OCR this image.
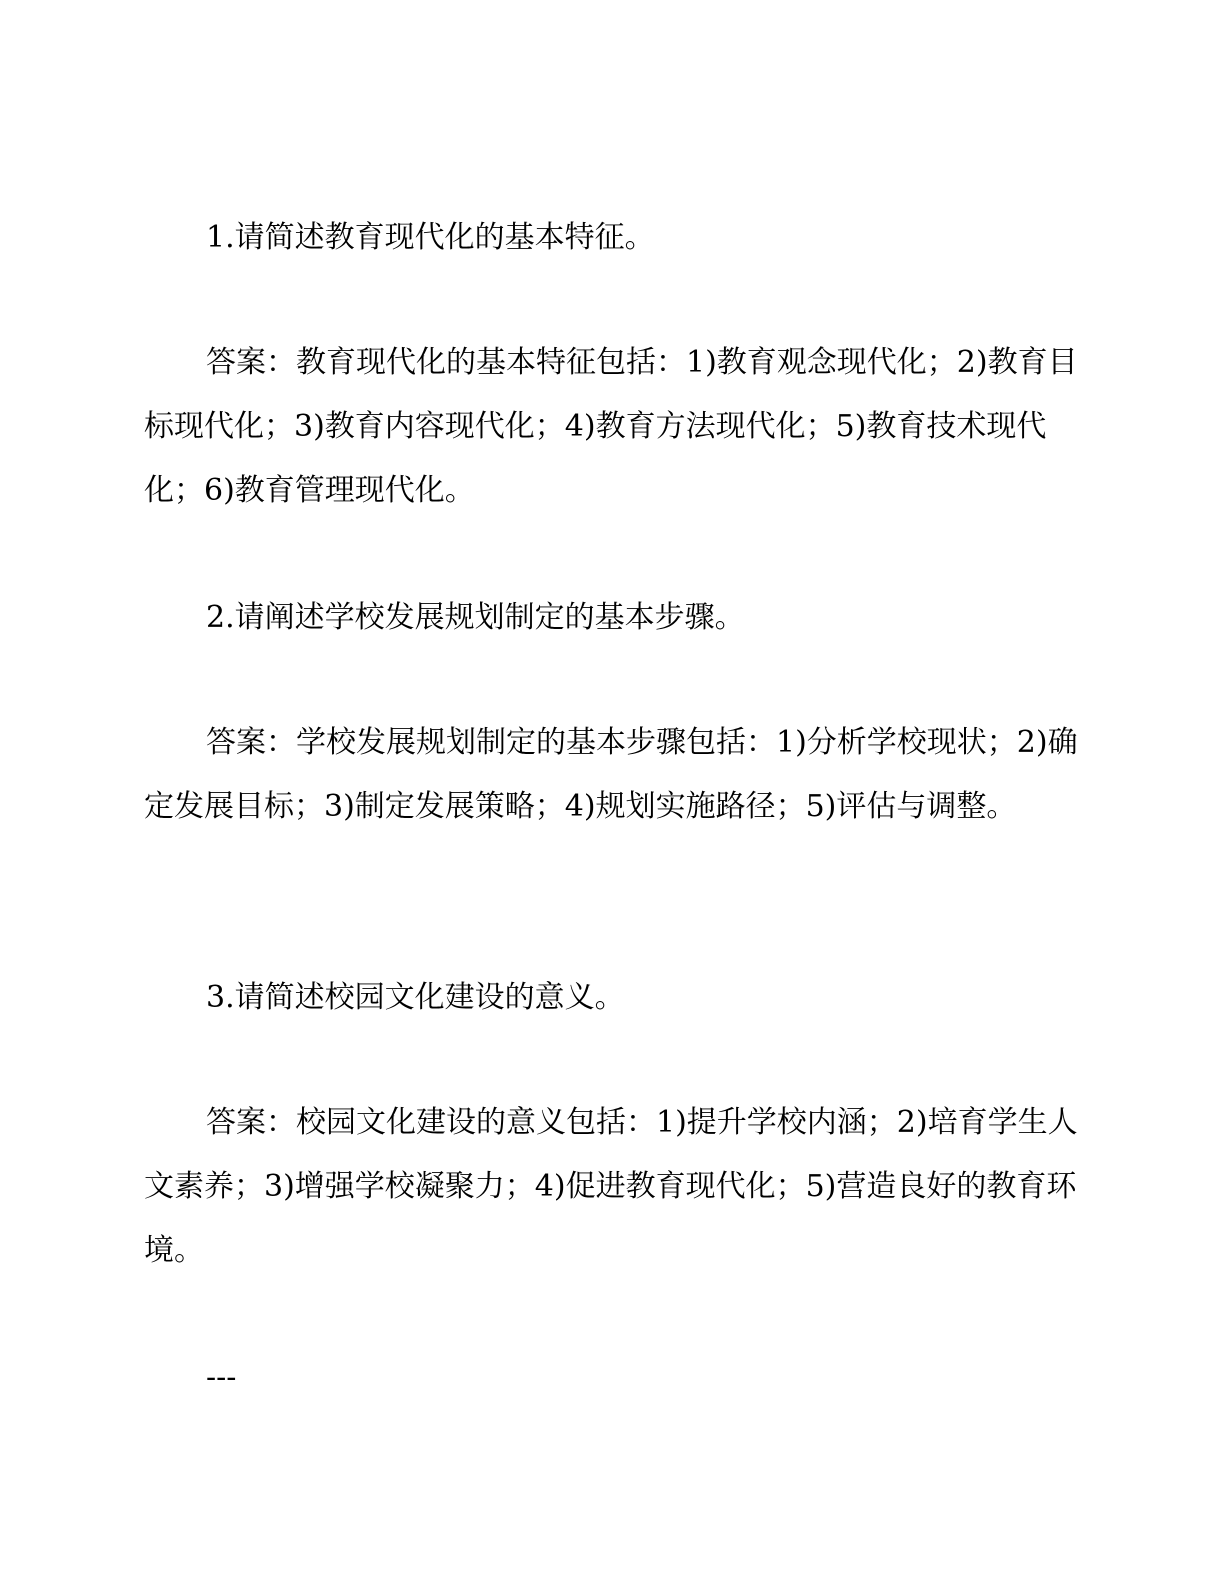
1.请简述教育现代化的基本特征。

答案：教育现代化的基本特征包括：1)教育观念现代化；2)教育目标现代化；3)教育内容现代化；4)教育方法现代化；5)教育技术现代化；6)教育管理现代化。

2.请阐述学校发展规划制定的基本步骤。

答案：学校发展规划制定的基本步骤包括：1)分析学校现状；2)确定发展目标；3)制定发展策略；4)规划实施路径；5)评估与调整。

3.请简述校园文化建设的意义。

答案：校园文化建设的意义包括：1)提升学校内涵；2)培育学生人文素养；3)增强学校凝聚力；4)促进教育现代化；5)营造良好的教育环境。

---
